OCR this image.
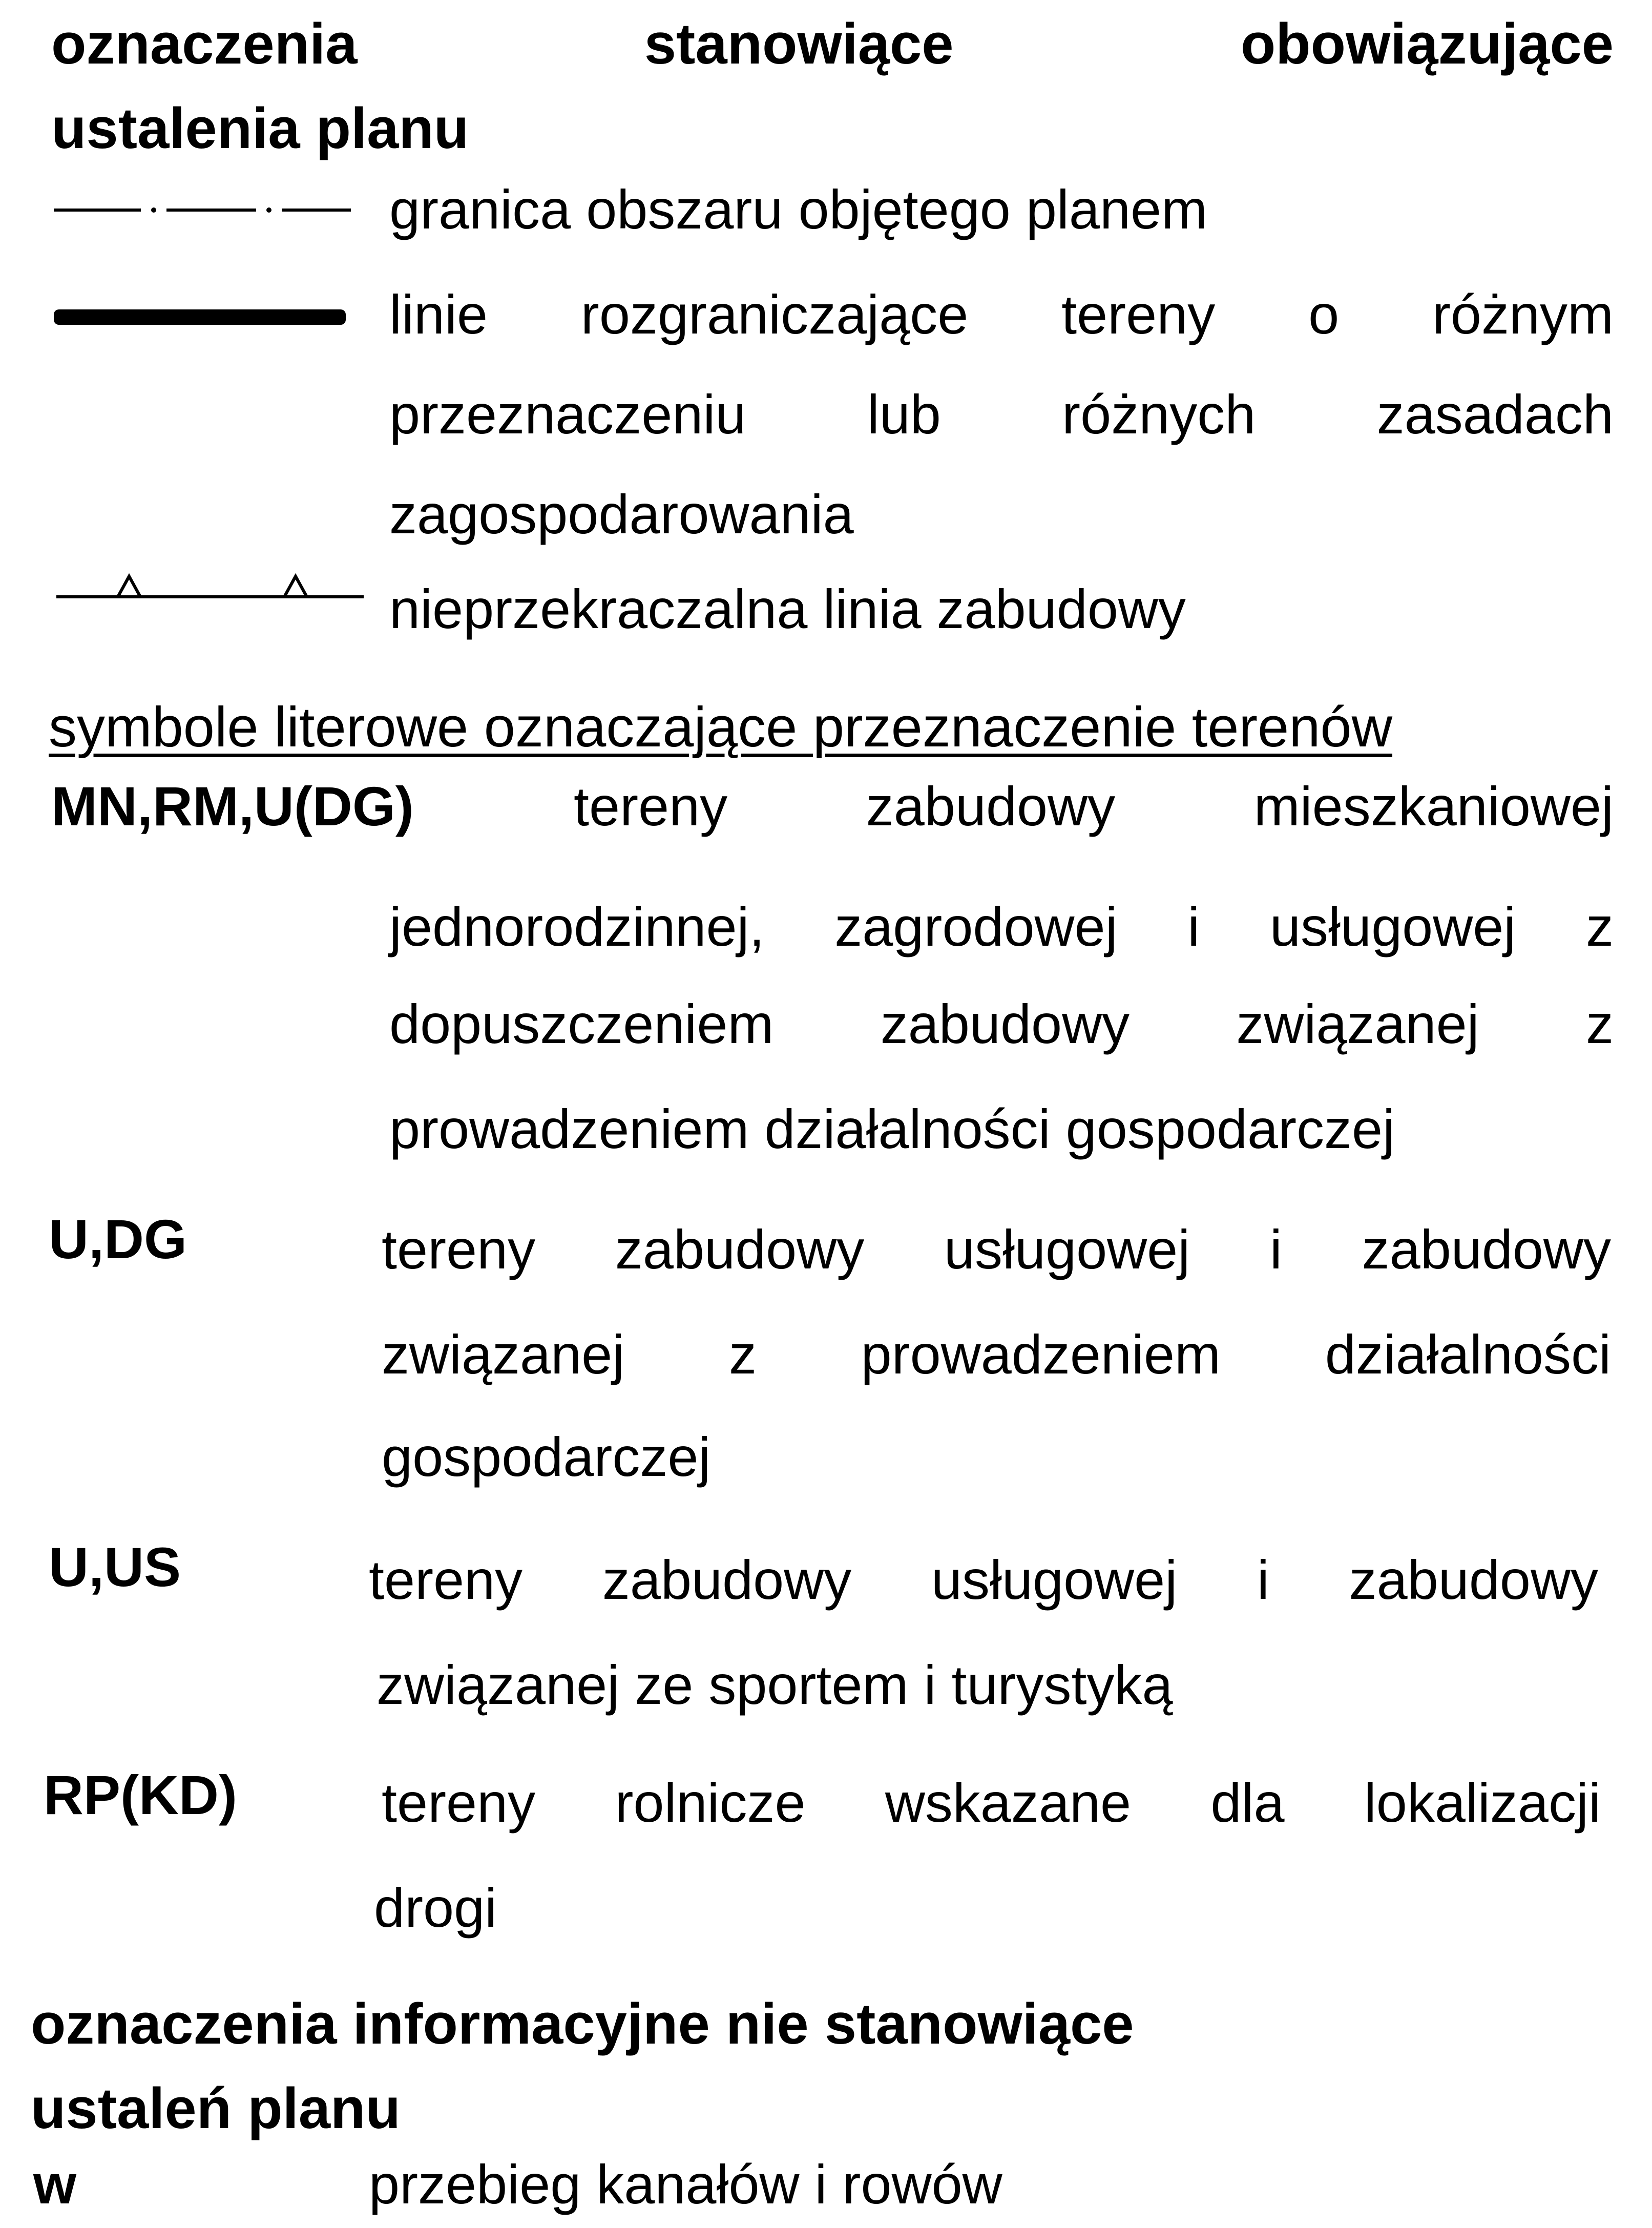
oznaczenia	stanowiące	obowiązujące
ustalenia planu
granica obszaru objętego planem
linie rozgraniczające tereny o różnym
przeznaczeniu lub różnych zasadach
zagospodarowania
nieprzekraczalna linia zabudowy
symbole literowe oznaczające przeznaczenie terenów
MN,RM,U(DG)	tereny	zabudowy	mieszkaniowej
jednorodzinnej, zagrodowej i usługowej z
dopuszczeniem zabudowy związanej z
prowadzeniem działalności gospodarczej
U,DG	tereny zabudowy usługowej i zabudowy
związanej z prowadzeniem działalności
gospodarczej
U,US	tereny zabudowy usługowej i zabudowy
związanej ze sportem i turystyką
RP(KD)	tereny rolnicze wskazane dla lokalizacji
drogi
oznaczenia informacyjne nie stanowiące
ustaleń planu
w	przebieg kanałów i rowów
